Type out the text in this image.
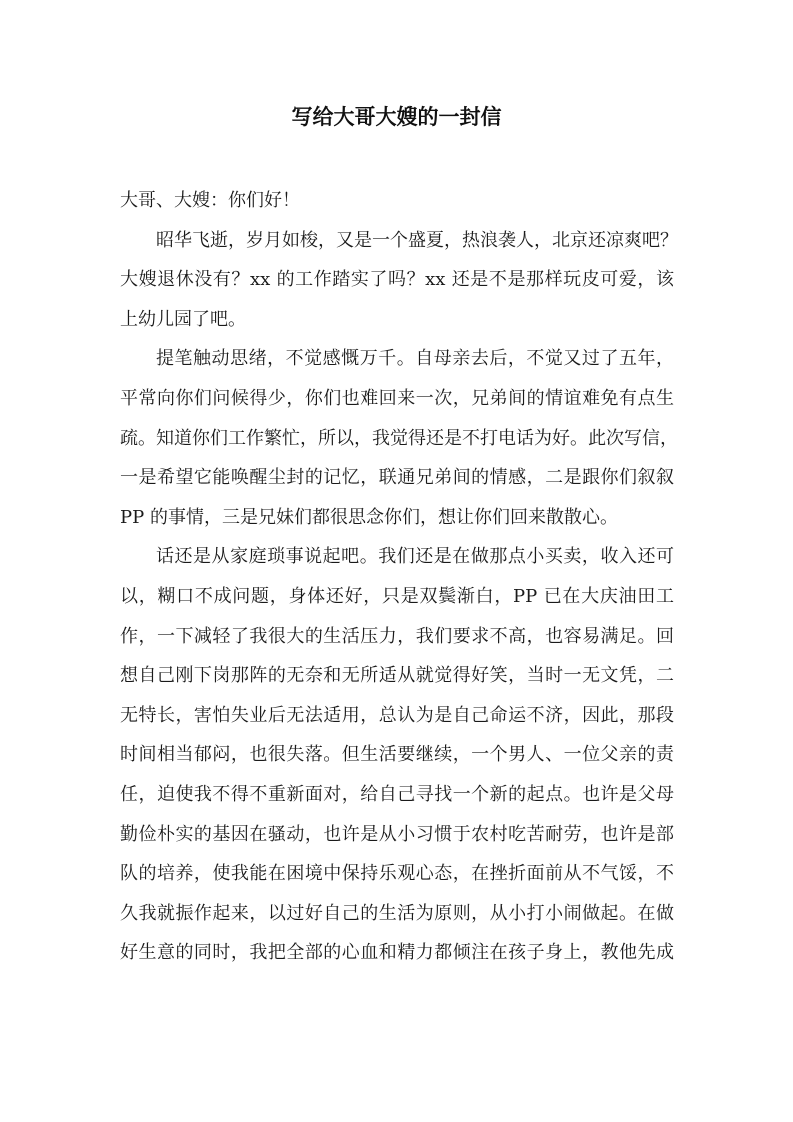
写给大哥大嫂的一封信
大哥、大嫂：你们好！
昭华飞逝，岁月如梭，又是一个盛夏，热浪袭人，北京还凉爽吧？
大嫂退休没有？xx 的工作踏实了吗？xx 还是不是那样玩皮可爱，该
上幼儿园了吧。
提笔触动思绪，不觉感慨万千。自母亲去后，不觉又过了五年，
平常向你们问候得少，你们也难回来一次，兄弟间的情谊难免有点生
疏。知道你们工作繁忙，所以，我觉得还是不打电话为好。此次写信，
一是希望它能唤醒尘封的记忆，联通兄弟间的情感，二是跟你们叙叙
PP 的事情，三是兄妹们都很思念你们，想让你们回来散散心。
话还是从家庭琐事说起吧。我们还是在做那点小买卖，收入还可
以，糊口不成问题，身体还好，只是双鬓渐白，PP 已在大庆油田工
作，一下减轻了我很大的生活压力，我们要求不高，也容易满足。回
想自己刚下岗那阵的无奈和无所适从就觉得好笑，当时一无文凭，二
无特长，害怕失业后无法适用，总认为是自己命运不济，因此，那段
时间相当郁闷，也很失落。但生活要继续，一个男人、一位父亲的责
任，迫使我不得不重新面对，给自己寻找一个新的起点。也许是父母
勤俭朴实的基因在骚动，也许是从小习惯于农村吃苦耐劳，也许是部
队的培养，使我能在困境中保持乐观心态，在挫折面前从不气馁，不
久我就振作起来，以过好自己的生活为原则，从小打小闹做起。在做
好生意的同时，我把全部的心血和精力都倾注在孩子身上，教他先成
